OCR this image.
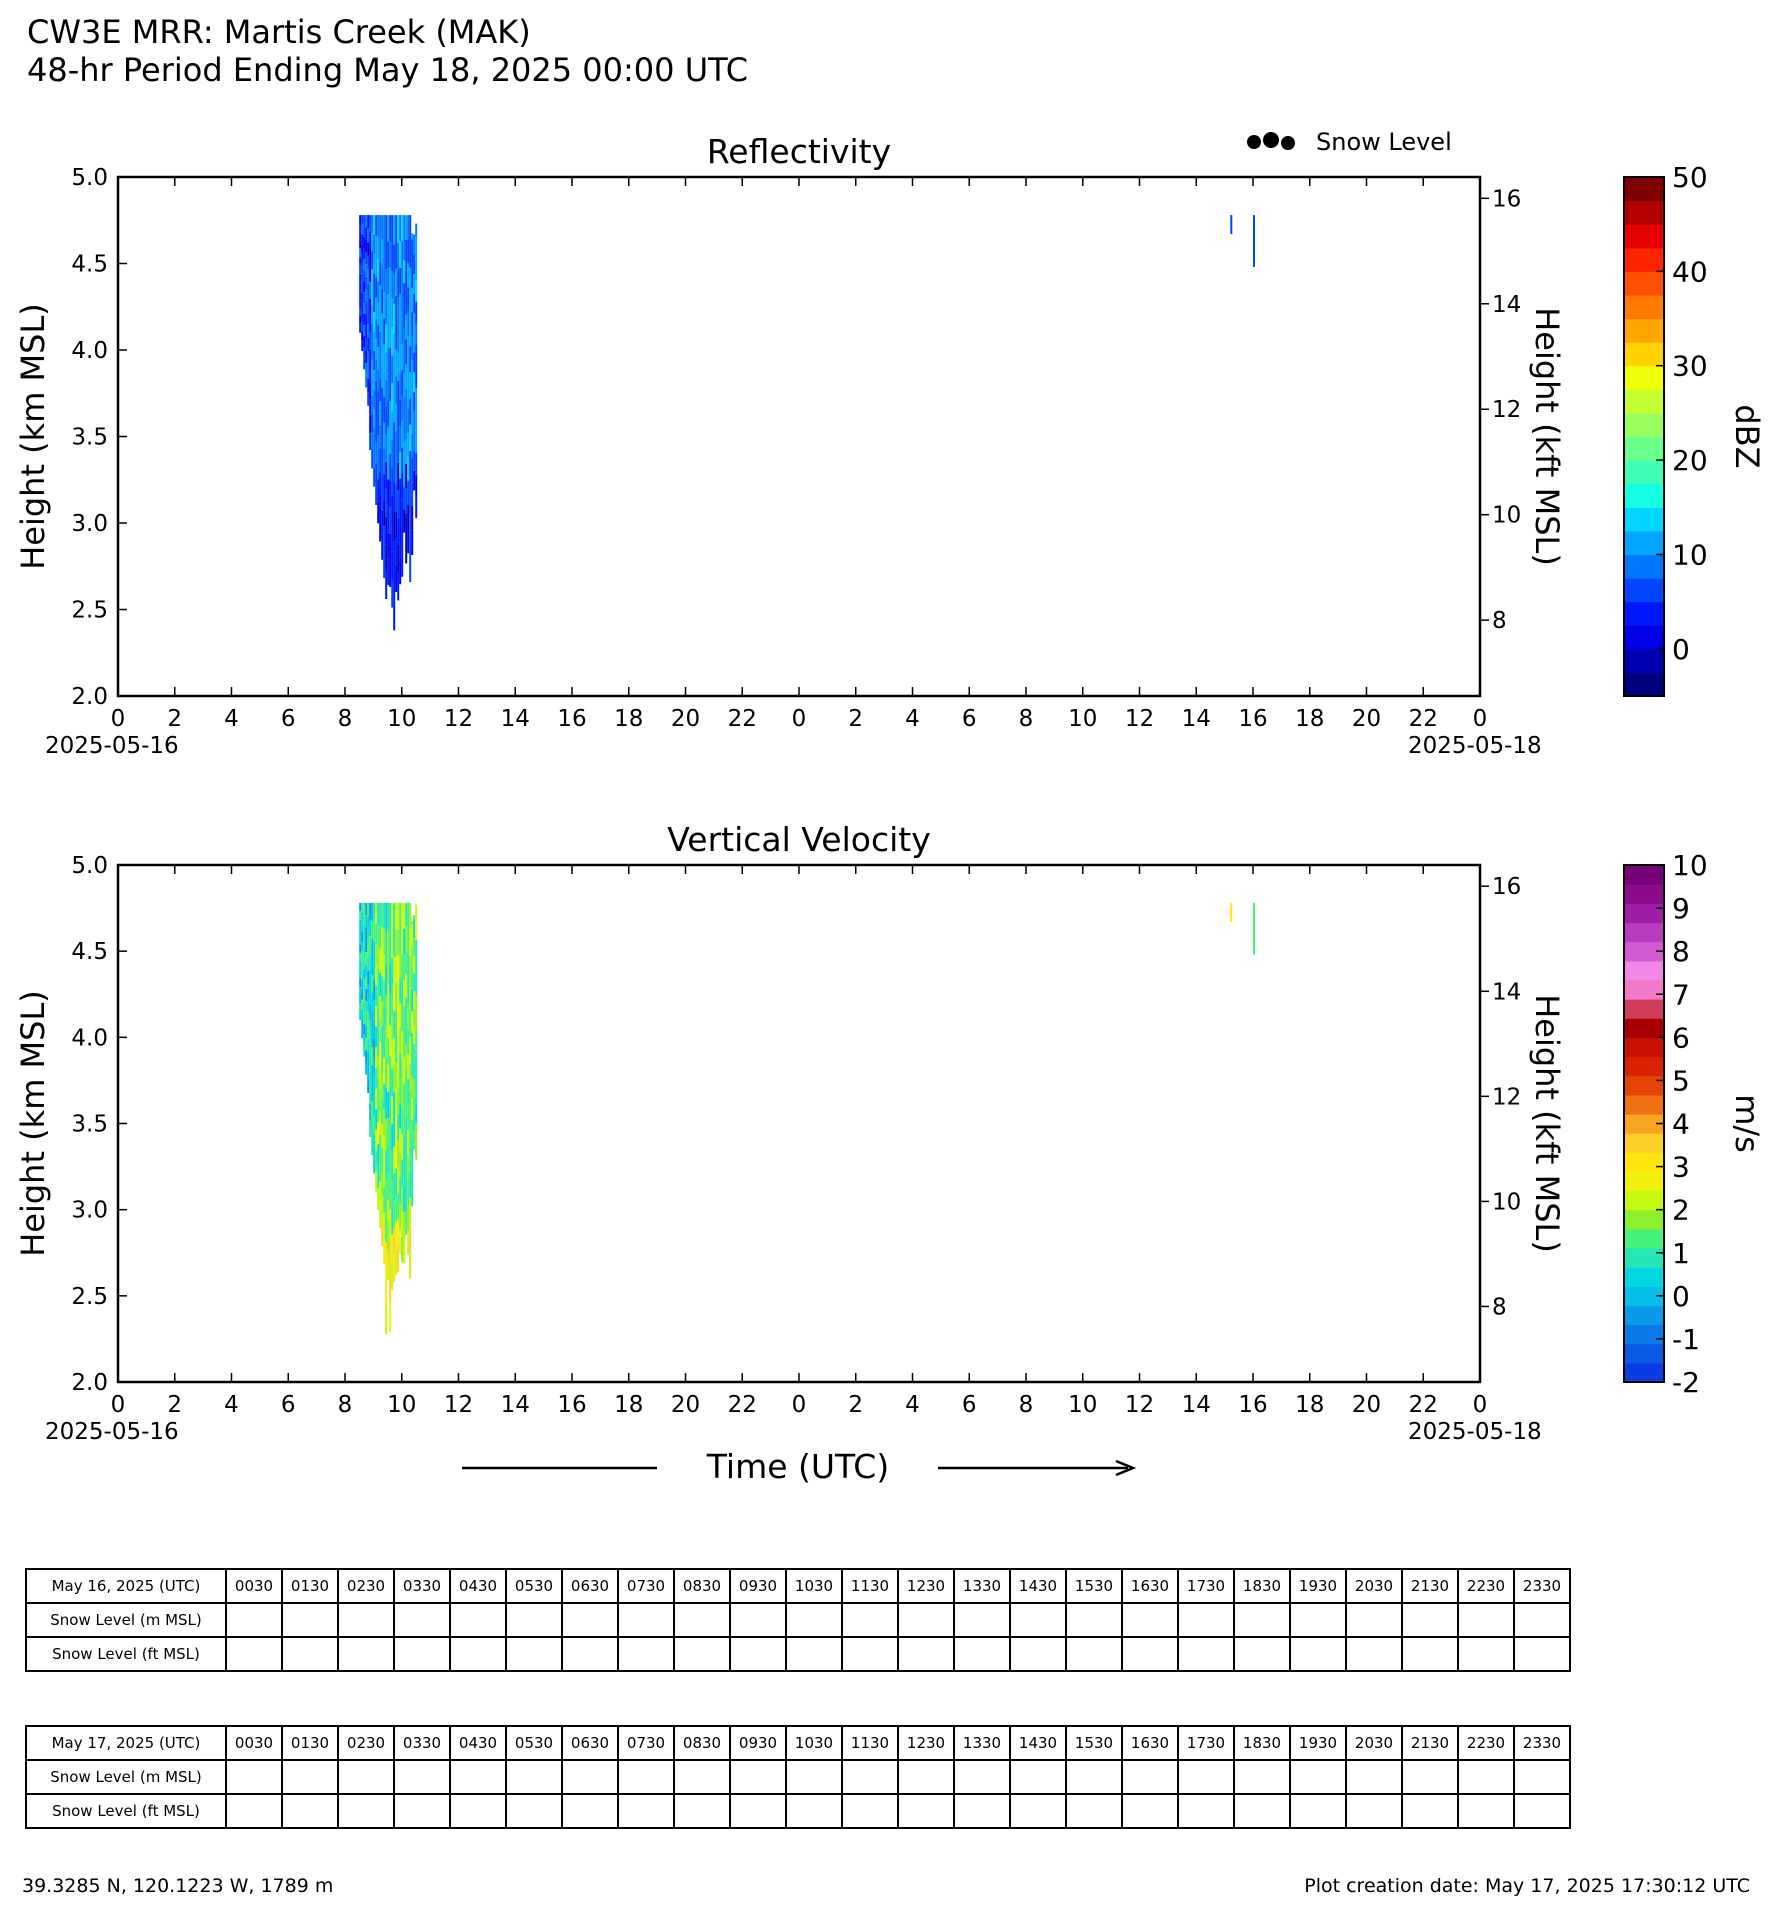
CW3E MRR: Martis Creek (MAK)
48-hr Period Ending May 18, 2025 00:00 UTC
Reflectivity
2.0
2.5
3.0
3.5
4.0
4.5
5.0
8
10
12
14
16
0 2 4 6 8 10 12 14 16 18 20 22 0 2 4 6 8 10 12 14 16 18 20 22 0
2025-05-16	2025-05-18
Height (km MSL)	Height (kft MSL)
0
10
20
30
40
50
dBZ
Vertical Velocity
2.0
2.5
3.0
3.5
4.0
4.5
5.0
8
10
12
14
16
0 2 4 6 8 10 12 14 16 18 20 22 0 2 4 6 8 10 12 14 16 18 20 22 0
2025-05-16	2025-05-18
Height (km MSL)	Height (kft MSL)
-2
-1
0
1
2
3
4
5
6
7
8
9
10
m/s
Snow Level
Time (UTC)
May 16, 2025 (UTC)	0030	0130	0230	0330	0430	0530	0630	0730	0830	0930	1030	1130	1230	1330	1430	1530	1630	1730	1830	1930	2030	2130	2230	2330
Snow Level (m MSL)																								
Snow Level (ft MSL)																								
May 17, 2025 (UTC)	0030	0130	0230	0330	0430	0530	0630	0730	0830	0930	1030	1130	1230	1330	1430	1530	1630	1730	1830	1930	2030	2130	2230	2330
Snow Level (m MSL)																								
Snow Level (ft MSL)																								
39.3285 N, 120.1223 W, 1789 m	Plot creation date: May 17, 2025 17:30:12 UTC
